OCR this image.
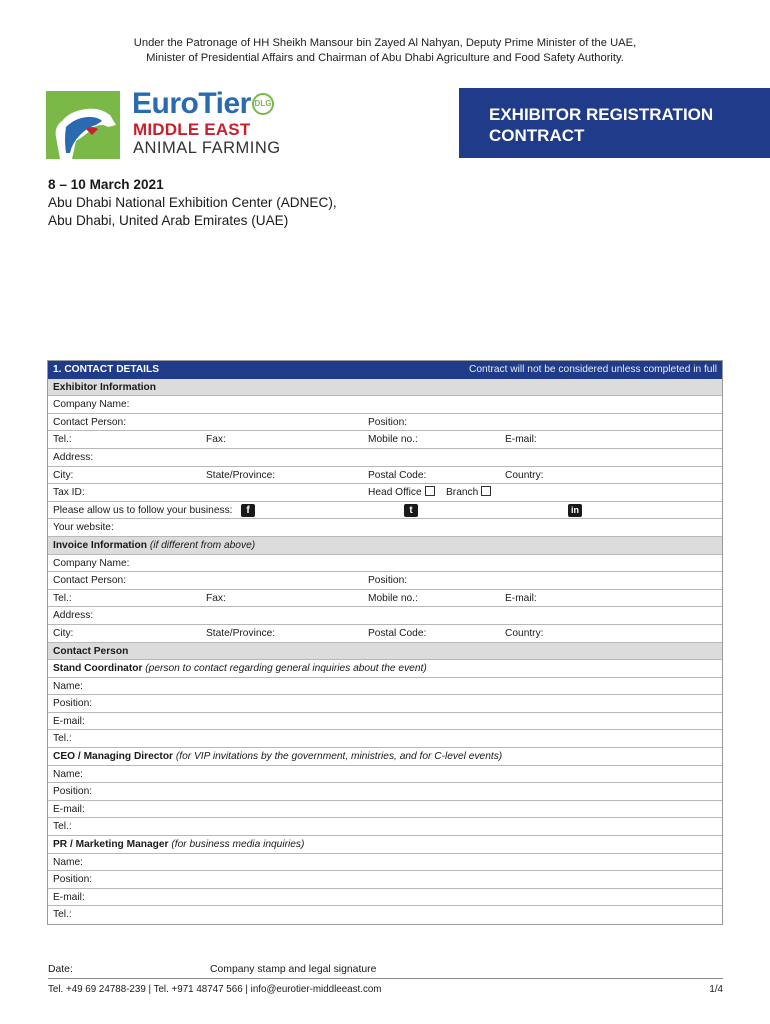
Under the Patronage of HH Sheikh Mansour bin Zayed Al Nahyan, Deputy Prime Minister of the UAE,
Minister of Presidential Affairs and Chairman of Abu Dhabi Agriculture and Food Safety Authority.
EuroTier DLG
MIDDLE EAST
ANIMAL FARMING
EXHIBITOR REGISTRATION
CONTRACT
8 – 10 March 2021
Abu Dhabi National Exhibition Center (ADNEC),
Abu Dhabi, United Arab Emirates (UAE)
1. CONTACT DETAILS	Contract will not be considered unless completed in full
Exhibitor Information
Company Name:
Contact Person:	Position:
Tel.:	Fax:	Mobile no.:	E-mail:
Address:
City:	State/Province:	Postal Code:	Country:
Tax ID:	Head Office	Branch
Please allow us to follow your business:	f	t	in
Your website:
Invoice Information (if different from above)
Company Name:
Contact Person:	Position:
Tel.:	Fax:	Mobile no.:	E-mail:
Address:
City:	State/Province:	Postal Code:	Country:
Contact Person
Stand Coordinator (person to contact regarding general inquiries about the event)
Name:
Position:
E-mail:
Tel.:
CEO / Managing Director (for VIP invitations by the government, ministries, and for C-level events)
Name:
Position:
E-mail:
Tel.:
PR / Marketing Manager (for business media inquiries)
Name:
Position:
E-mail:
Tel.:
Date:	Company stamp and legal signature
Tel. +49 69 24788-239 | Tel. +971 48747 566 | info@eurotier-middleeast.com	1/4
